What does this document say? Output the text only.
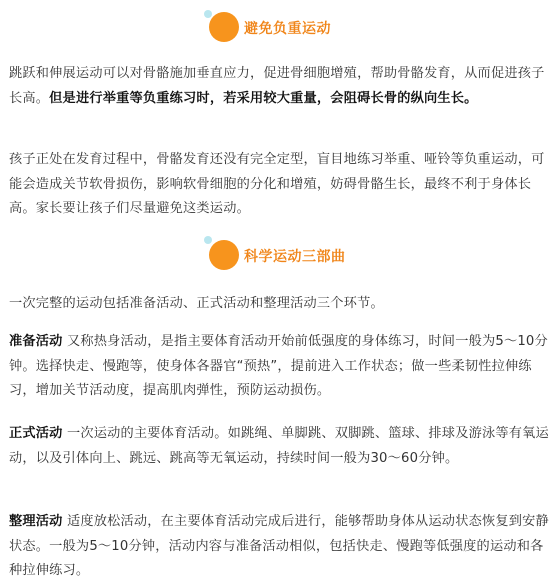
避免负重运动

跳跃和伸展运动可以对骨骼施加垂直应力，促进骨细胞增殖，帮助骨骼发育，从而促进孩子长高。但是进行举重等负重练习时，若采用较大重量，会阻碍长骨的纵向生长。

孩子正处在发育过程中，骨骼发育还没有完全定型，盲目地练习举重、哑铃等负重运动，可能会造成关节软骨损伤，影响软骨细胞的分化和增殖，妨碍骨骼生长，最终不利于身体长高。家长要让孩子们尽量避免这类运动。

科学运动三部曲

一次完整的运动包括准备活动、正式活动和整理活动三个环节。

准备活动 又称热身活动，是指主要体育活动开始前低强度的身体练习，时间一般为5～10分钟。选择快走、慢跑等，使身体各器官“预热”，提前进入工作状态；做一些柔韧性拉伸练习，增加关节活动度，提高肌肉弹性，预防运动损伤。

正式活动 一次运动的主要体育活动。如跳绳、单脚跳、双脚跳、篮球、排球及游泳等有氧运动，以及引体向上、跳远、跳高等无氧运动，持续时间一般为30～60分钟。

整理活动 适度放松活动，在主要体育活动完成后进行，能够帮助身体从运动状态恢复到安静状态。一般为5～10分钟，活动内容与准备活动相似，包括快走、慢跑等低强度的运动和各种拉伸练习。
